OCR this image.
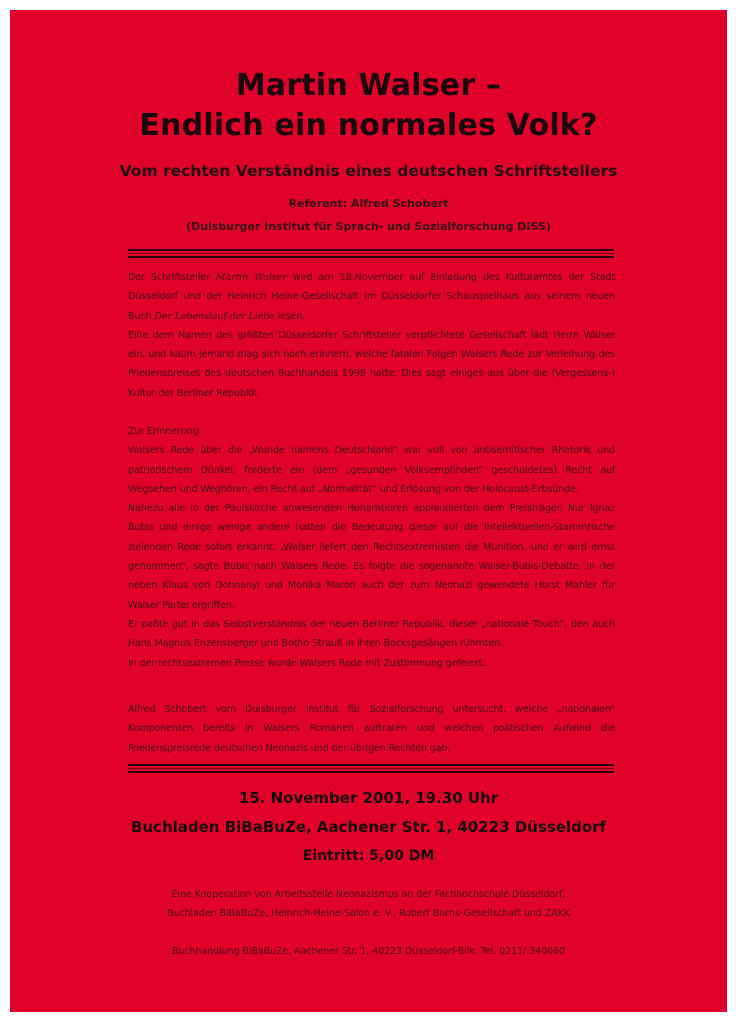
Martin Walser –
Endlich ein normales Volk?
Vom rechten Verständnis eines deutschen Schriftstellers
Referent: Alfred Schobert
(Duisburger Institut für Sprach- und Sozialforschung DISS)

Der Schriftsteller Martin Walser wird am 18.November auf Einladung des Kulturamtes der Stadt Düsseldorf und der Heinrich Heine-Gesellschaft im Düsseldorfer Schauspielhaus aus seinem neuen Buch Der Lebenslauf der Liebe lesen.

Eine dem Namen des größten Düsseldorfer Schriftsteller verpflichtete Gesellschaft lädt Herrn Walser ein, und kaum jemand mag sich noch erinnern, welche fatalen Folgen Walsers Rede zur Verleihung des Friedenspreises des deutschen Buchhandels 1998 hatte. Dies sagt einiges aus über die (Vergessens-) Kultur der Berliner Republik.

Zur Erinnerung:

Walsers Rede über die „Wunde namens Deutschland“ war voll von antisemitischer Rhetorik und patriotischem Dünkel, forderte ein (dem „gesunden Volksempfinden“ geschuldetes) Recht auf Wegsehen und Weghören, ein Recht auf „Normalität“ und Erlösung von der Holocaust-Erbsünde.

Nahezu alle in der Paulskirche anwesenden Honoratioren applaudierten dem Preisträger. Nur Ignaz Bubis und einige wenige andere hatten die Bedeutung dieser auf die Intellektuellen-Stammtische zielenden Rede sofort erkannt. „Walser liefert den Rechtsextremisten die Munition, und er wird ernst genommen“, sagte Bubis nach Walsers Rede. Es folgte die sogenannte Walser-Bubis-Debatte, in der neben Klaus von Dohnanyi und Monika Maron auch der zum Neonazi gewendete Horst Mahler für Walser Partei ergriffen.

Er paßte gut in das Selbstverständnis der neuen Berliner Republik, dieser „nationale Touch“, den auch Hans Magnus Enzensberger und Botho Strauß in ihren Bocksgesängen rühmten.

In der rechtsextremen Presse wurde Walsers Rede mit Zustimmung gefeiert.

Alfred Schobert vom Duisburger Institut für Sozialforschung untersucht, welche „nationalen“ Komponenten bereits in Walsers Romanen auftraten und welchen politischen Aufwind die Friedenspreisrede deutschen Neonazis und der übrigen Rechten gab.

15. November 2001, 19.30 Uhr
Buchladen BiBaBuZe, Aachener Str. 1, 40223 Düsseldorf
Eintritt: 5,00 DM
Eine Kooperation von Arbeitsstelle Neonazismus an der Fachhochschule Düsseldorf,
Buchladen BiBaBuZe, Heinrich-Heine-Salon e. V., Robert Burns-Gesellschaft und ZAKK
Buchhandlung BiBaBuZe, Aachener Str. 1, 40223 Düsseldorf-Bilk, Tel. 0211/ 340060
